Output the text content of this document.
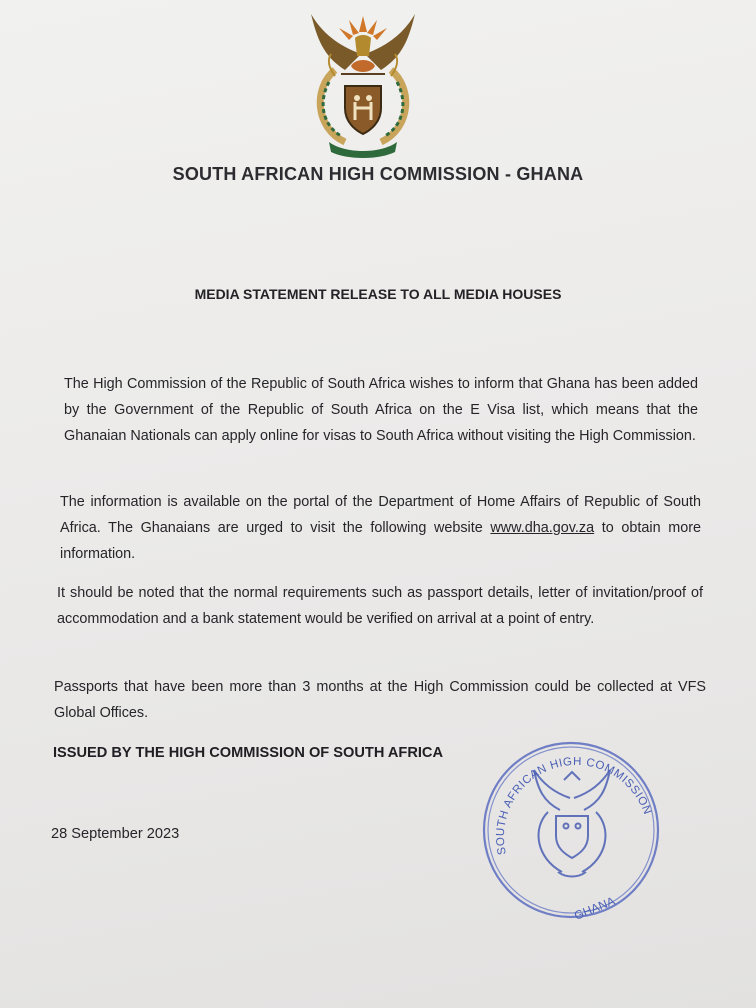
SOUTH AFRICAN HIGH COMMISSION - GHANA
MEDIA STATEMENT RELEASE TO ALL MEDIA HOUSES

The High Commission of the Republic of South Africa wishes to inform that Ghana has been added by the Government of the Republic of South Africa on the E Visa list, which means that the Ghanaian Nationals can apply online for visas to South Africa without visiting the High Commission.

The information is available on the portal of the Department of Home Affairs of Republic of South Africa. The Ghanaians are urged to visit the following website www.dha.gov.za to obtain more information.

It should be noted that the normal requirements such as passport details, letter of invitation/proof of accommodation and a bank statement would be verified on arrival at a point of entry.

Passports that have been more than 3 months at the High Commission could be collected at VFS Global Offices.

ISSUED BY THE HIGH COMMISSION OF SOUTH AFRICA
28 September 2023
SOUTH AFRICAN HIGH COMMISSION
GHANA
